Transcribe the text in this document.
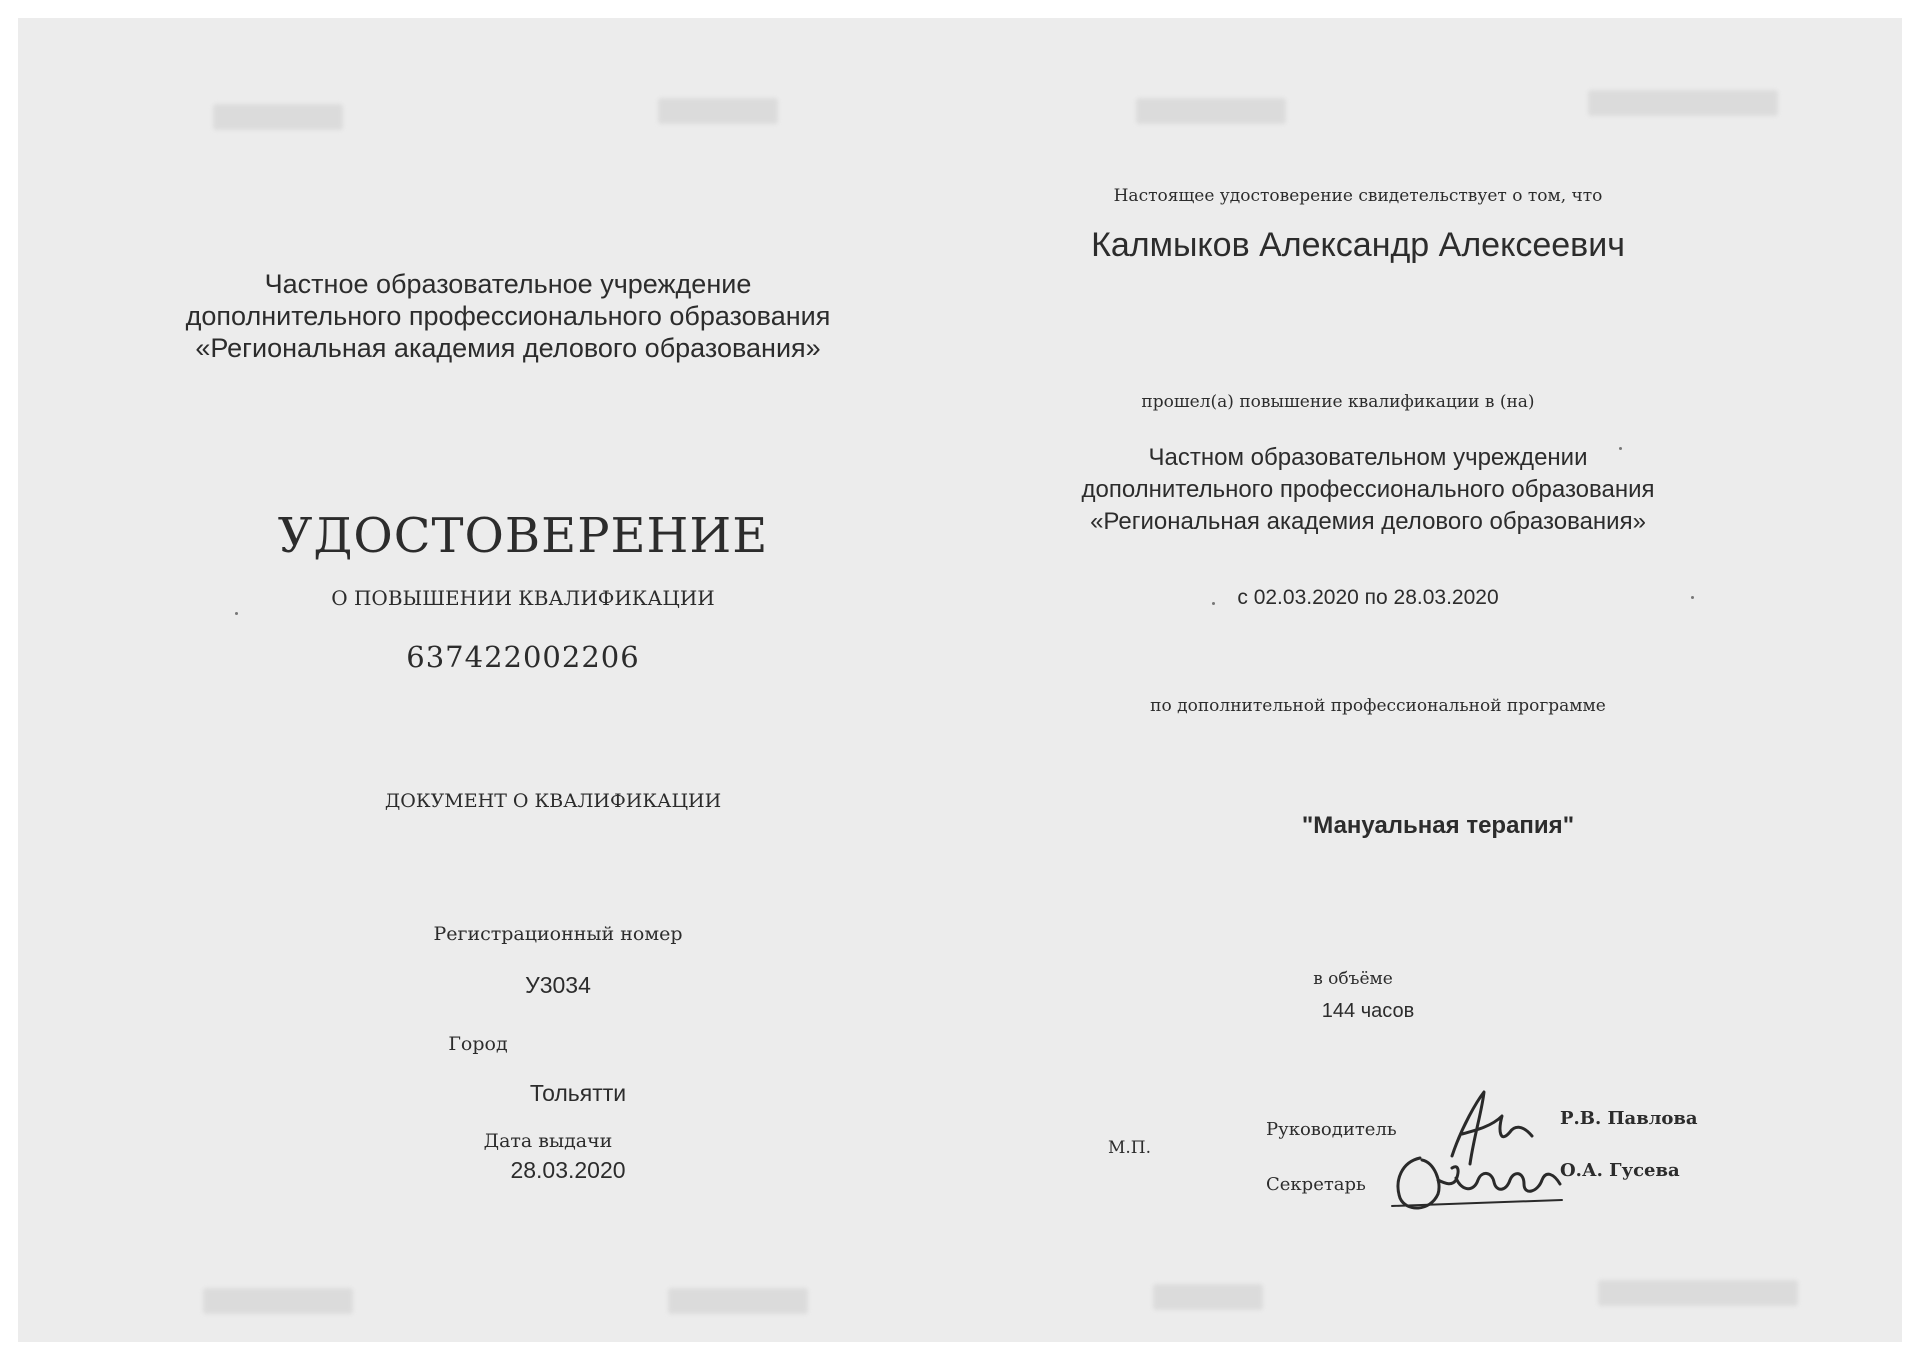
Частное образовательное учреждение
дополнительного профессионального образования
«Региональная академия делового образования»
УДОСТОВЕРЕНИЕ
О ПОВЫШЕНИИ КВАЛИФИКАЦИИ
637422002206
ДОКУМЕНТ О КВАЛИФИКАЦИИ
Регистрационный номер
У3034
Город
Тольятти
Дата выдачи
28.03.2020
Настоящее удостоверение свидетельствует о том, что
Калмыков Александр Алексеевич
прошел(а) повышение квалификации в (на)
Частном образовательном учреждении
дополнительного профессионального образования
«Региональная академия делового образования»
с 02.03.2020 по 28.03.2020
по дополнительной профессиональной программе
"Мануальная терапия"
в объёме
144 часов
М.П.
Руководитель
Р.В. Павлова
Секретарь
О.А. Гусева
